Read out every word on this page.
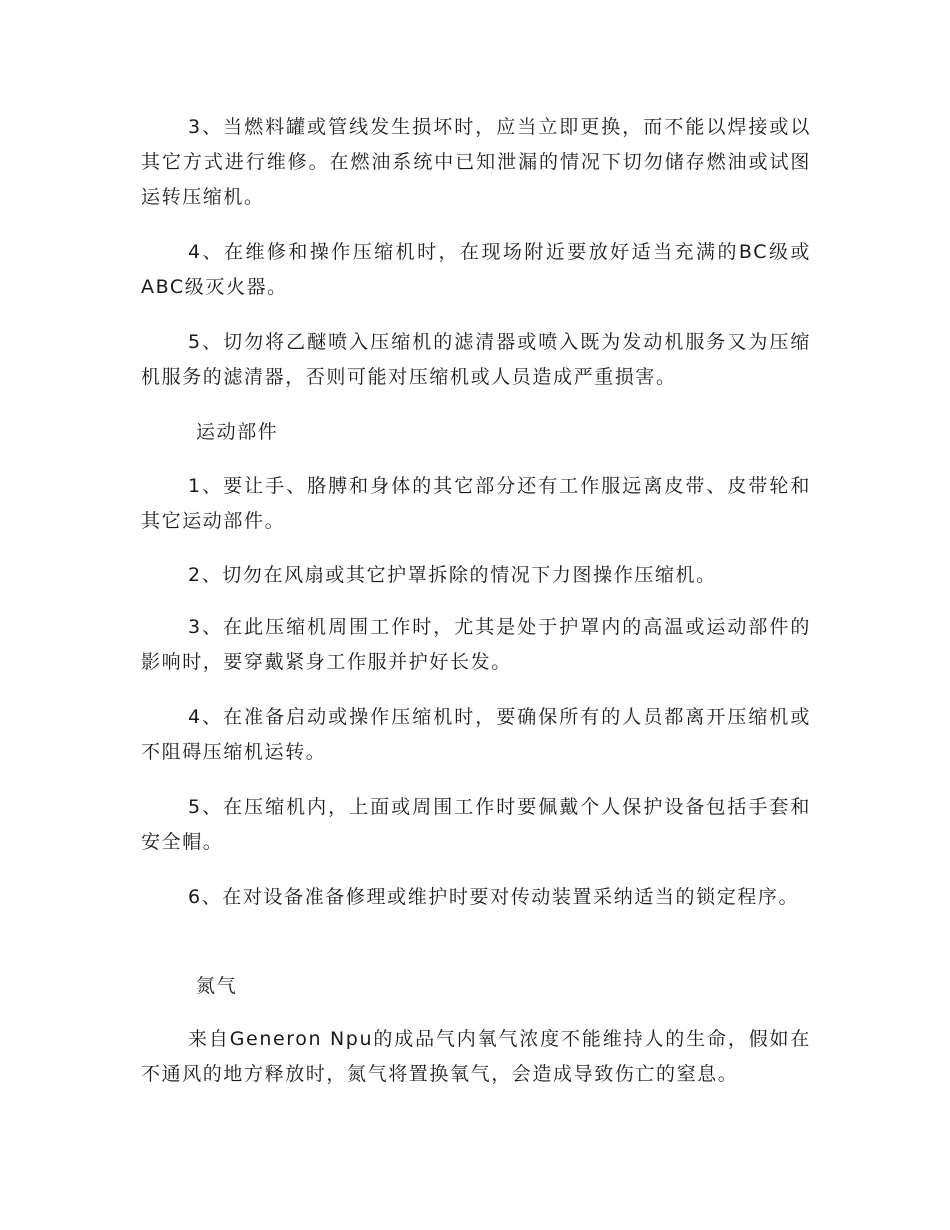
3、当燃料罐或管线发生损坏时，应当立即更换，而不能以焊接或以其它方式进行维修。在燃油系统中已知泄漏的情况下切勿储存燃油或试图运转压缩机。

4、在维修和操作压缩机时，在现场附近要放好适当充满的BC级或ABC级灭火器。

5、切勿将乙醚喷入压缩机的滤清器或喷入既为发动机服务又为压缩机服务的滤清器，否则可能对压缩机或人员造成严重损害。

运动部件

1、要让手、胳膊和身体的其它部分还有工作服远离皮带、皮带轮和其它运动部件。

2、切勿在风扇或其它护罩拆除的情况下力图操作压缩机。

3、在此压缩机周围工作时，尤其是处于护罩内的高温或运动部件的影响时，要穿戴紧身工作服并护好长发。

4、在准备启动或操作压缩机时，要确保所有的人员都离开压缩机或不阻碍压缩机运转。

5、在压缩机内，上面或周围工作时要佩戴个人保护设备包括手套和安全帽。

6、在对设备准备修理或维护时要对传动装置采纳适当的锁定程序。

氮气

来自Generon Npu的成品气内氧气浓度不能维持人的生命，假如在不通风的地方释放时，氮气将置换氧气，会造成导致伤亡的窒息。
